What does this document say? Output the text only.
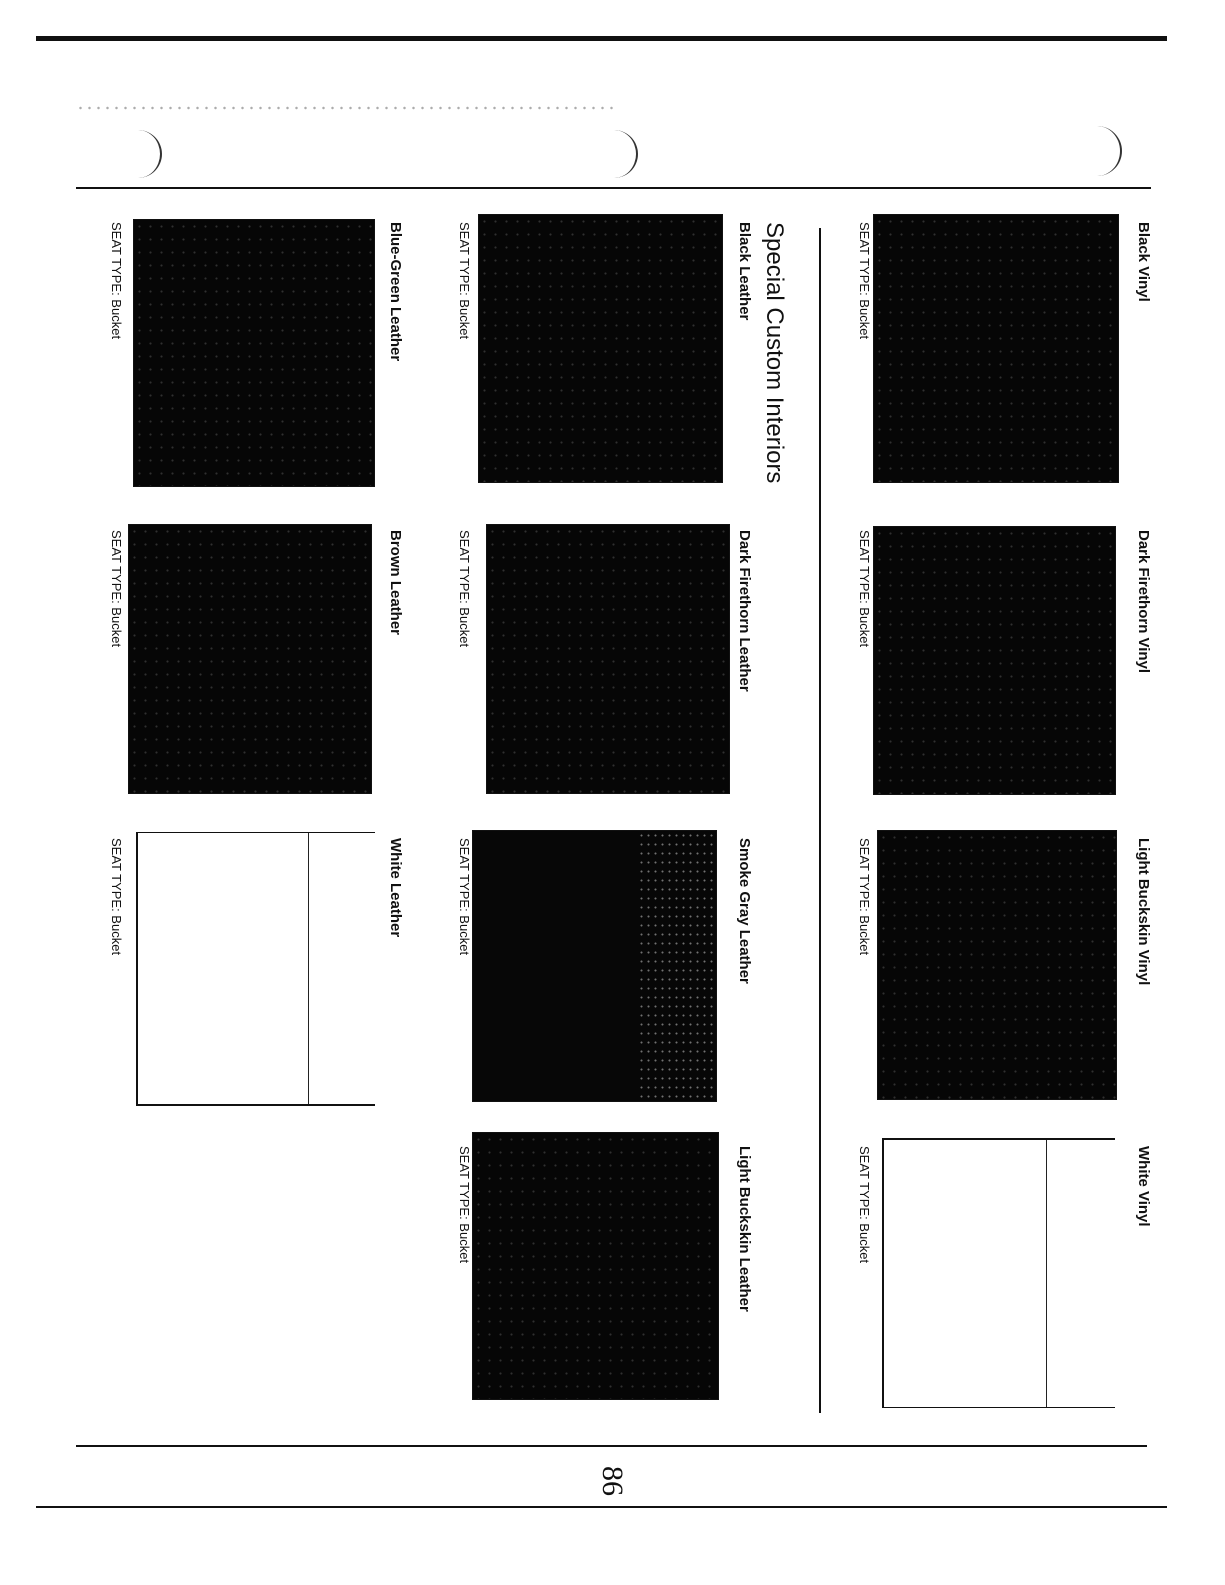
Special Custom Interiors	Black Vinyl
SEAT TYPE: Bucket
Dark Firethorn Vinyl
SEAT TYPE: Bucket
Light Buckskin Vinyl
SEAT TYPE: Bucket
White Vinyl
SEAT TYPE: Bucket
Black Leather
SEAT TYPE: Bucket
Dark Firethorn Leather
SEAT TYPE: Bucket
Smoke Gray Leather
SEAT TYPE: Bucket
Light Buckskin Leather
SEAT TYPE: Bucket
Blue-Green Leather
SEAT TYPE: Bucket
Brown Leather
SEAT TYPE: Bucket
White Leather
SEAT TYPE: Bucket
86
